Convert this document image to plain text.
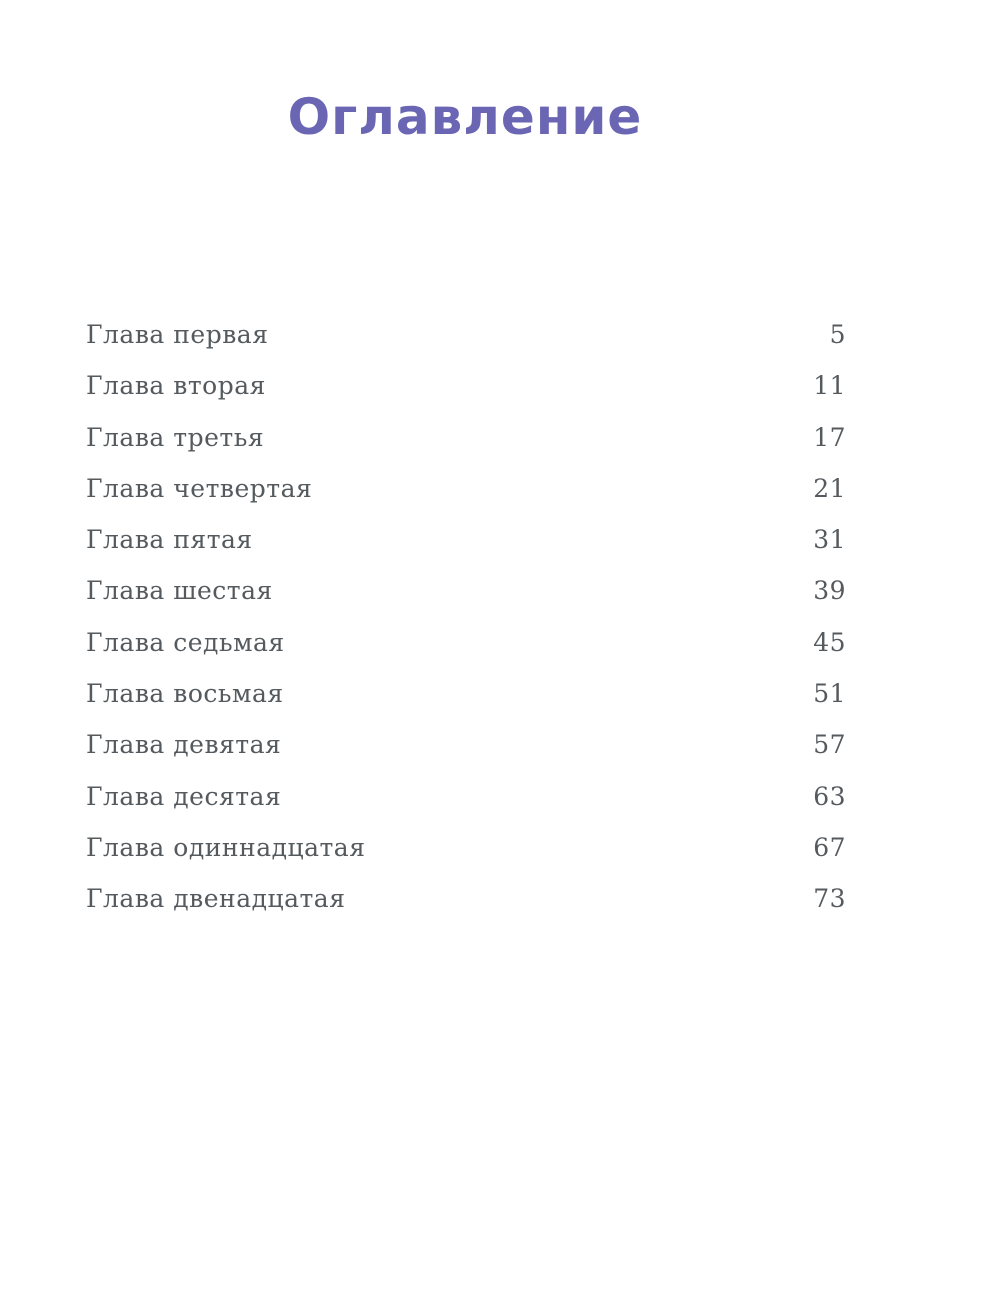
Оглавление
Глава первая	5
Глава вторая	11
Глава третья	17
Глава четвертая	21
Глава пятая	31
Глава шестая	39
Глава седьмая	45
Глава восьмая	51
Глава девятая	57
Глава десятая	63
Глава одиннадцатая	67
Глава двенадцатая	73
